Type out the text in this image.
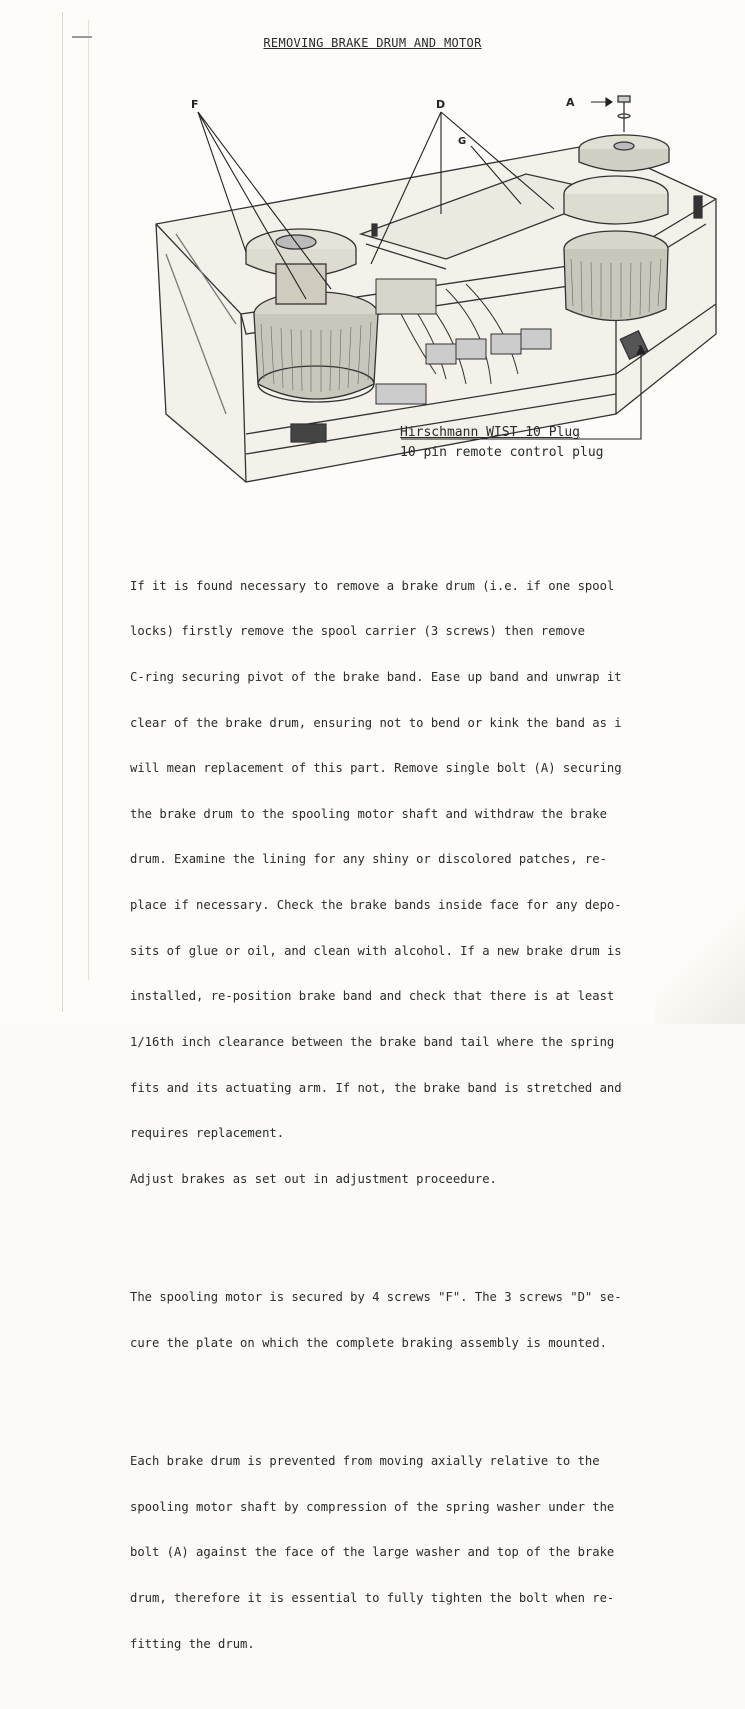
REMOVING BRAKE DRUM AND MOTOR
F	D
G
A
Hirschmann WIST 10 Plug
10 pin remote control plug

If it is found necessary to remove a brake drum (i.e. if one spool

locks) firstly remove the spool carrier (3 screws) then remove

C-ring securing pivot of the brake band. Ease up band and unwrap it

clear of the brake drum, ensuring not to bend or kink the band as i

will mean replacement of this part. Remove single bolt (A) securing

the brake drum to the spooling motor shaft and withdraw the brake

drum. Examine the lining for any shiny or discolored patches, re-

place if necessary. Check the brake bands inside face for any depo-

sits of glue or oil, and clean with alcohol. If a new brake drum is

installed, re-position brake band and check that there is at least

1/16th inch clearance between the brake band tail where the spring

fits and its actuating arm. If not, the brake band is stretched and

requires replacement.

Adjust brakes as set out in adjustment proceedure.

The spooling motor is secured by 4 screws "F". The 3 screws "D" se-

cure the plate on which the complete braking assembly is mounted.

Each brake drum is prevented from moving axially relative to the

spooling motor shaft by compression of the spring washer under the

bolt (A) against the face of the large washer and top of the brake

drum, therefore it is essential to fully tighten the bolt when re-

fitting the drum.
